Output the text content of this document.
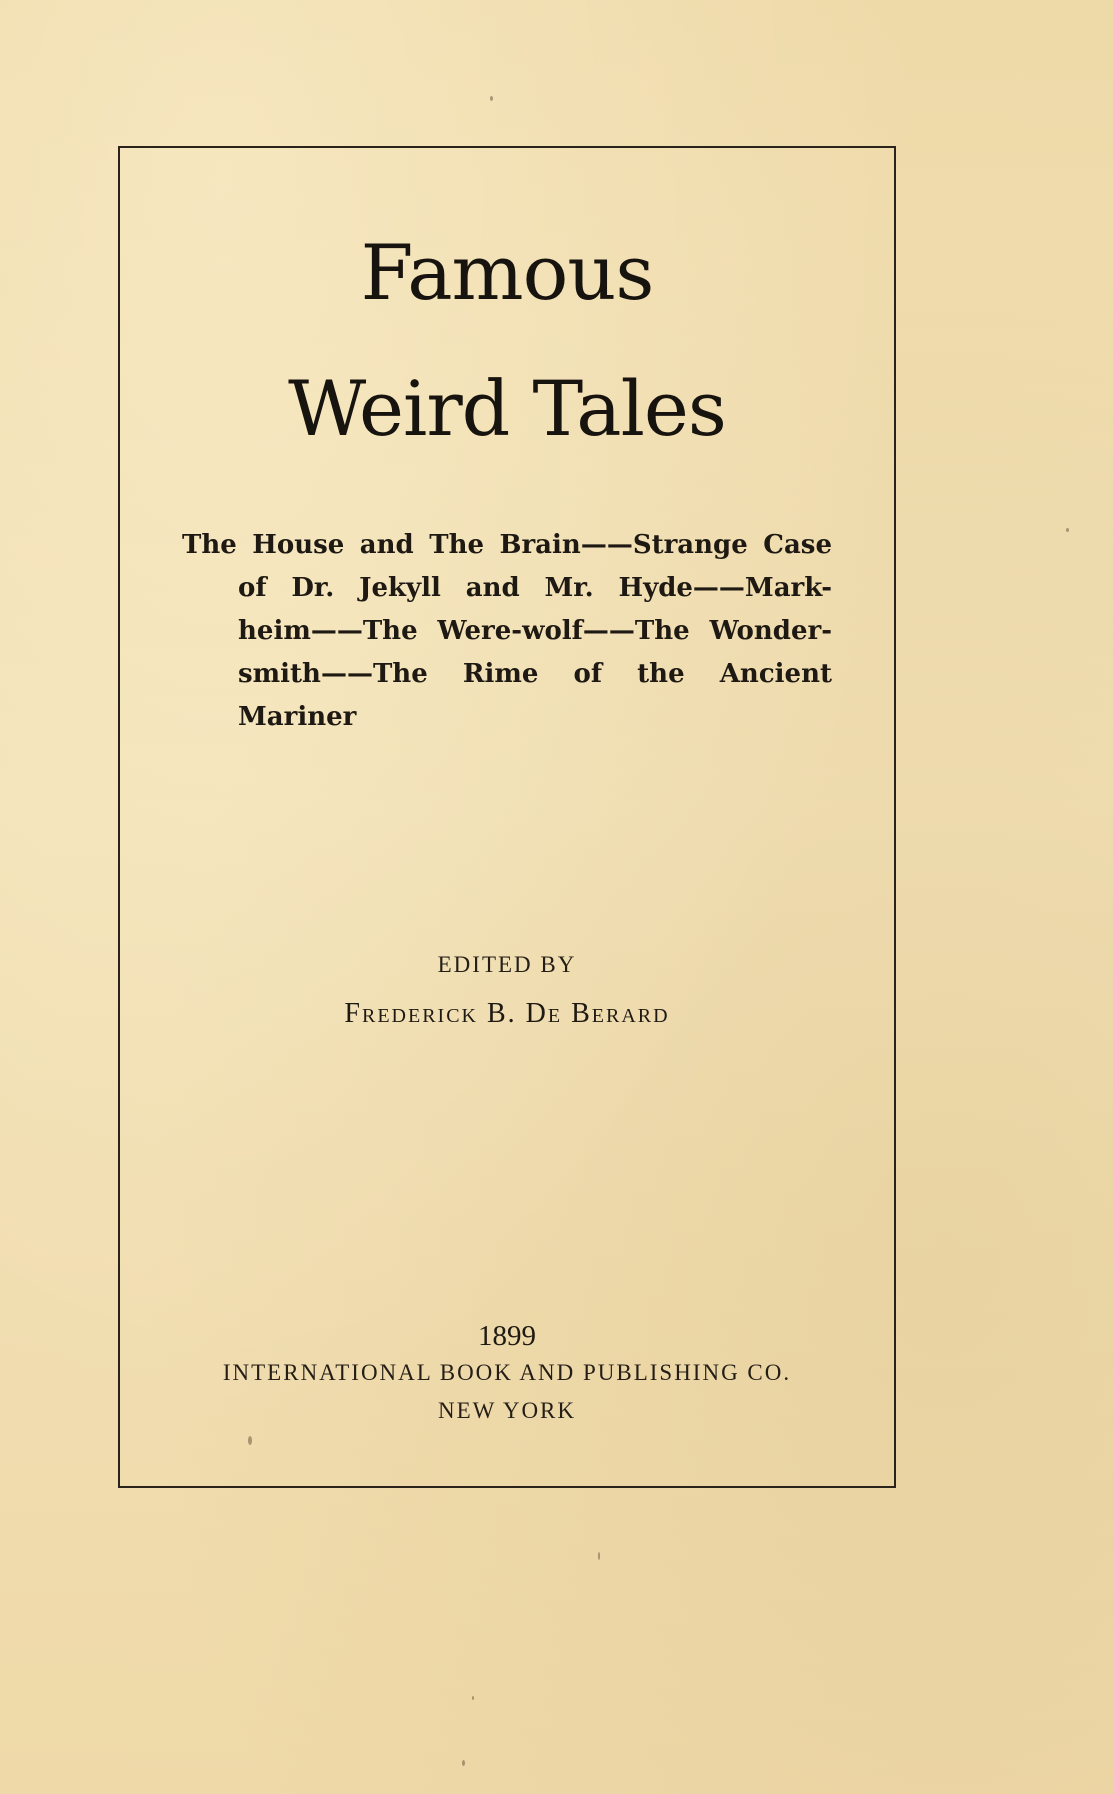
Famous
Weird Tales
The House and The Brain——Strange Case
of Dr. Jekyll and Mr. Hyde——Mark-
heim——The Were-wolf——The Wonder-
smith——The Rime of the Ancient
Mariner
EDITED BY
Frederick B. De Berard
1899
INTERNATIONAL BOOK AND PUBLISHING CO.
NEW YORK
